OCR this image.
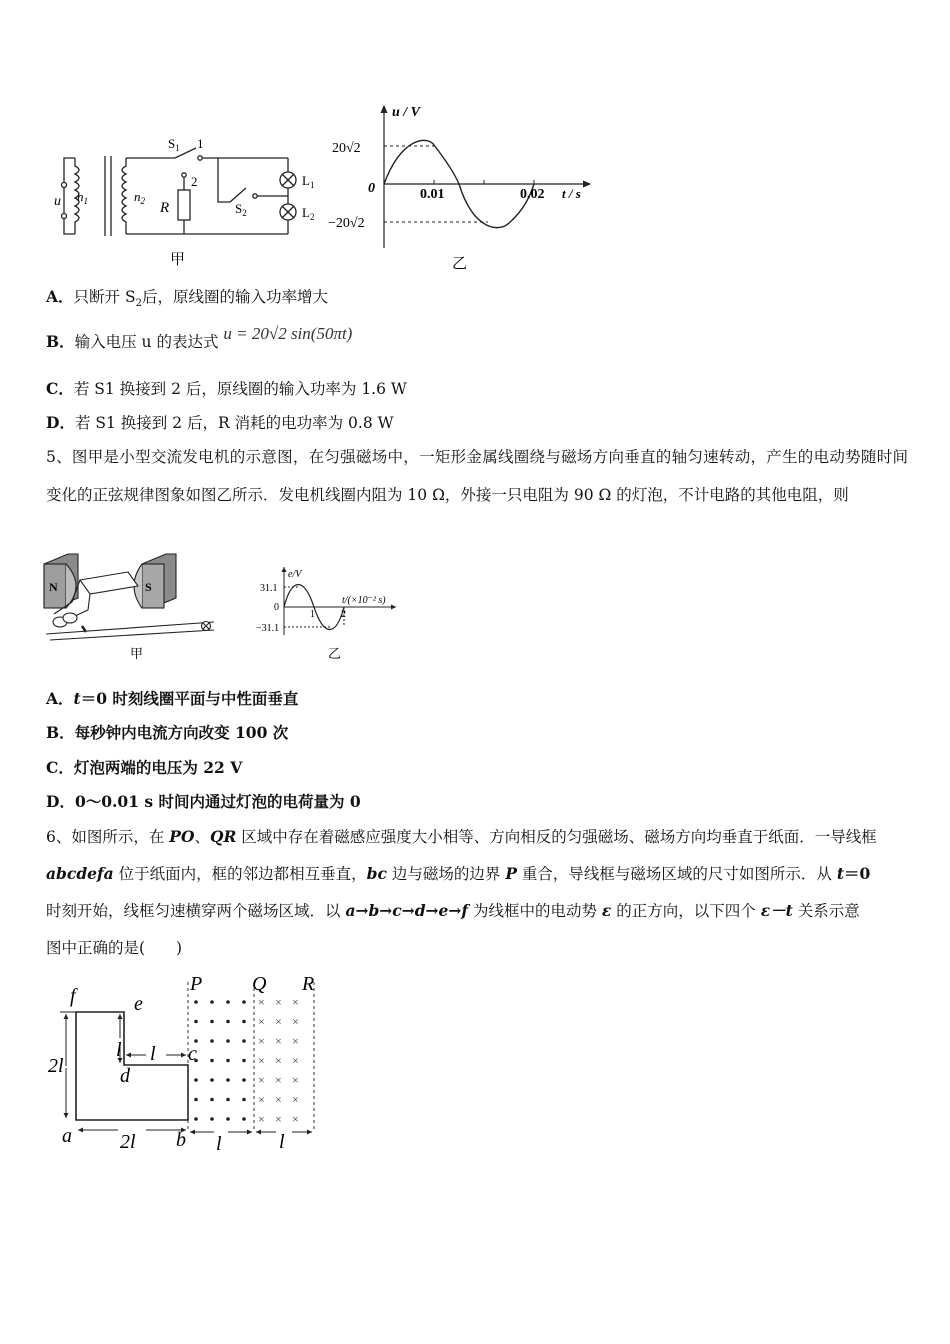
u $n_1$	$n_2$ R
$S_1$ 1
2
$S_2$
$L_1$
$L_2$
甲
u / V
20√2
−20√2
0	0.01	0.02 t / s
乙
A．只断开 $S_2$后，原线圈的输入功率增大
B．输入电压 u 的表达式 u = 20√2 sin(50πt)
C．若 S1 换接到 2 后，原线圈的输入功率为 1.6 W
D．若 S1 换接到 2 后，R 消耗的电功率为 0.8 W
5、图甲是小型交流发电机的示意图，在匀强磁场中，一矩形金属线圈绕与磁场方向垂直的轴匀速转动，产生的电动势随时间变化的正弦规律图象如图乙所示．发电机线圈内阻为 10 Ω，外接一只电阻为 90 Ω 的灯泡，不计电路的其他电阻，则
N	S
甲
e/V
31.1
−31.1
0
1	2
t/(×10⁻² s)
乙
A．t＝0 时刻线圈平面与中性面垂直
B．每秒钟内电流方向改变 100 次
C．灯泡两端的电压为 22 V
D．0～0.01 s 时间内通过灯泡的电荷量为 0
6、如图所示，在 PO、QR 区域中存在着磁感应强度大小相等、方向相反的匀强磁场、磁场方向均垂直于纸面．一导线框
abcdefa 位于纸面内，框的邻边都相互垂直，bc 边与磁场的边界 P 重合，导线框与磁场区域的尺寸如图所示．从 t＝0
时刻开始，线框匀速横穿两个磁场区域．以 a→b→c→d→e→f 为线框中的电动势 ε 的正方向，以下四个 ε－t 关系示意
图中正确的是(　　)
× × ×
× × ×
× × ×
× × ×
× × ×
× × ×
× × ×
f	e
P Q R
c
d
a	b
2l
l l
2l	l	l
